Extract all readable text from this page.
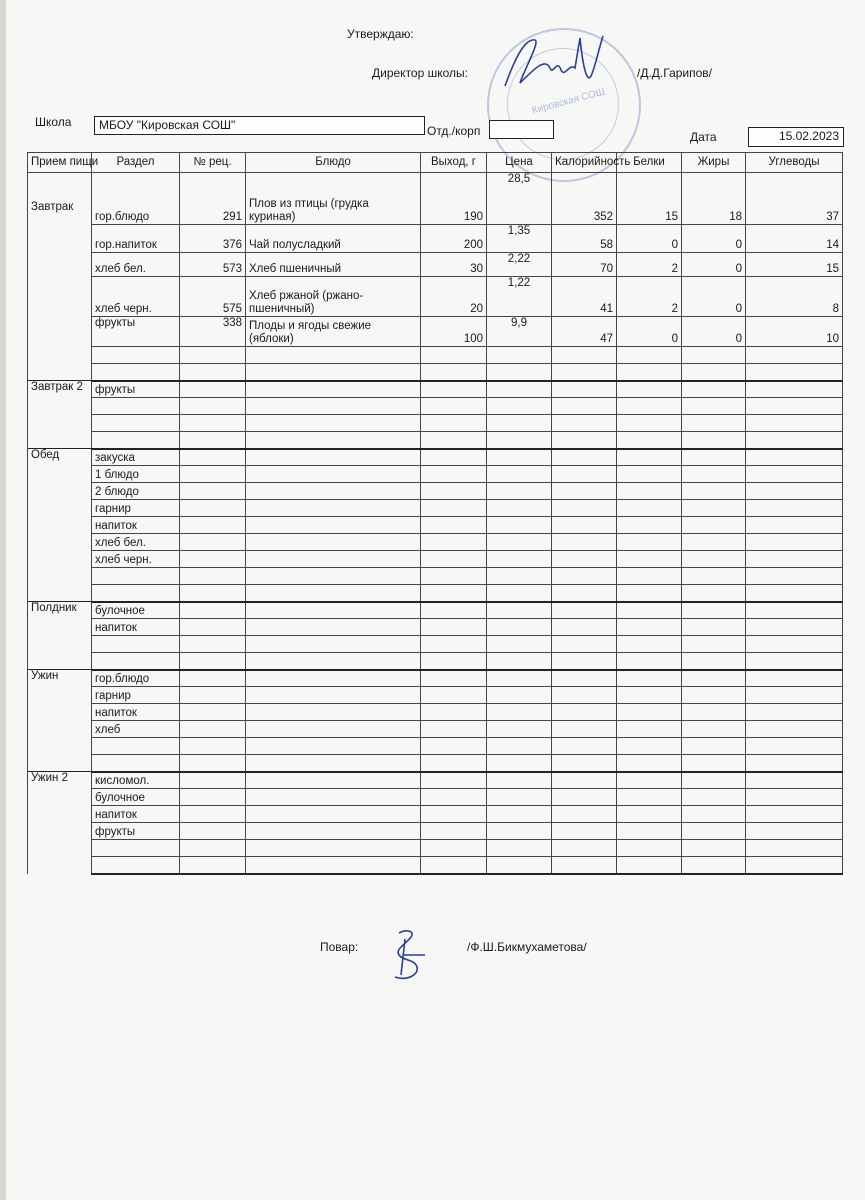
Утверждаю:
Директор школы:	/Д.Д.Гарипов/
Кировская СОШ
Школа	МБОУ "Кировская СОШ"	Отд./корп	Дата	15.02.2023
Прием пищи	Раздел	№ рец.	Блюдо	Выход, г	Цена	Калорийность	Белки	Жиры	Углеводы
Завтрак	гор.блюдо	291	Плов из птицы (грудка куриная)	190	28,5	352	15	18	37
	гор.напиток	376	Чай полусладкий	200	1,35	58	0	0	14
	хлеб бел.	573	Хлеб пшеничный	30	2,22	70	2	0	15
	хлеб черн.	575	Хлеб ржаной (ржано-пшеничный)	20	1,22	41	2	0	8
	фрукты	338	Плоды и ягоды свежие (яблоки)	100	9,9	47	0	0	10

Завтрак 2	фрукты								

Обед	закуска								
	1 блюдо								
	2 блюдо								
	гарнир								
	напиток								
	хлеб бел.								
	хлеб черн.								

Полдник	булочное								
	напиток								

Ужин	гор.блюдо								
	гарнир								
	напиток								
	хлеб								

Ужин 2	кисломол.								
	булочное								
	напиток								
	фрукты								

Повар:	/Ф.Ш.Бикмухаметова/
